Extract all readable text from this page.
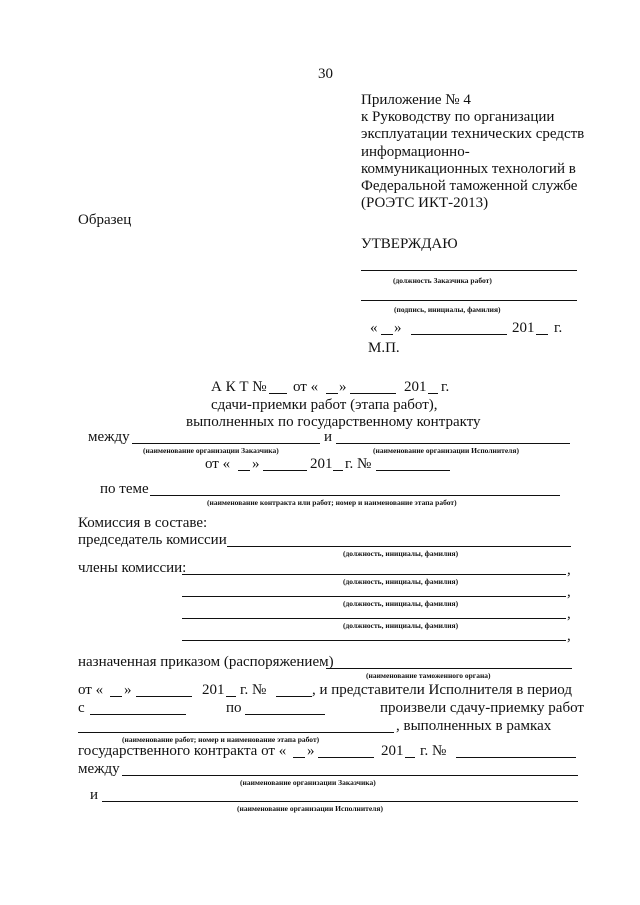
30
Приложение № 4
к Руководству по организации
эксплуатации технических средств
информационно-
коммуникационных технологий в
Федеральной таможенной службе
(РОЭТС ИКТ-2013)
Образец
УТВЕРЖДАЮ
(должность Заказчика работ)
(подпись, инициалы, фамилия)
« »	201 г.
М.П.
А К Т № от « »	201 г.
сдачи-приемки работ (этапа работ),
выполненных по государственному контракту
между	и
(наименование организации Заказчика)	(наименование организации Исполнителя)
от « »	201 г. №
по теме
(наименование контракта или работ; номер и наименование этапа работ)
Комиссия в составе:
председатель комиссии
(должность, инициалы, фамилия)
члены комиссии:	,
(должность, инициалы, фамилия)
,
(должность, инициалы, фамилия)
,
(должность, инициалы, фамилия)
,
назначенная приказом (распоряжением)
(наименование таможенного органа)
от « »	201 г. №	, и представители Исполнителя в период
с	по	произвели сдачу-приемку работ
, выполненных в рамках
(наименование работ; номер и наименование этапа работ)
государственного контракта от « »	201 г. №
между
(наименование организации Заказчика)
и
(наименование организации Исполнителя)
